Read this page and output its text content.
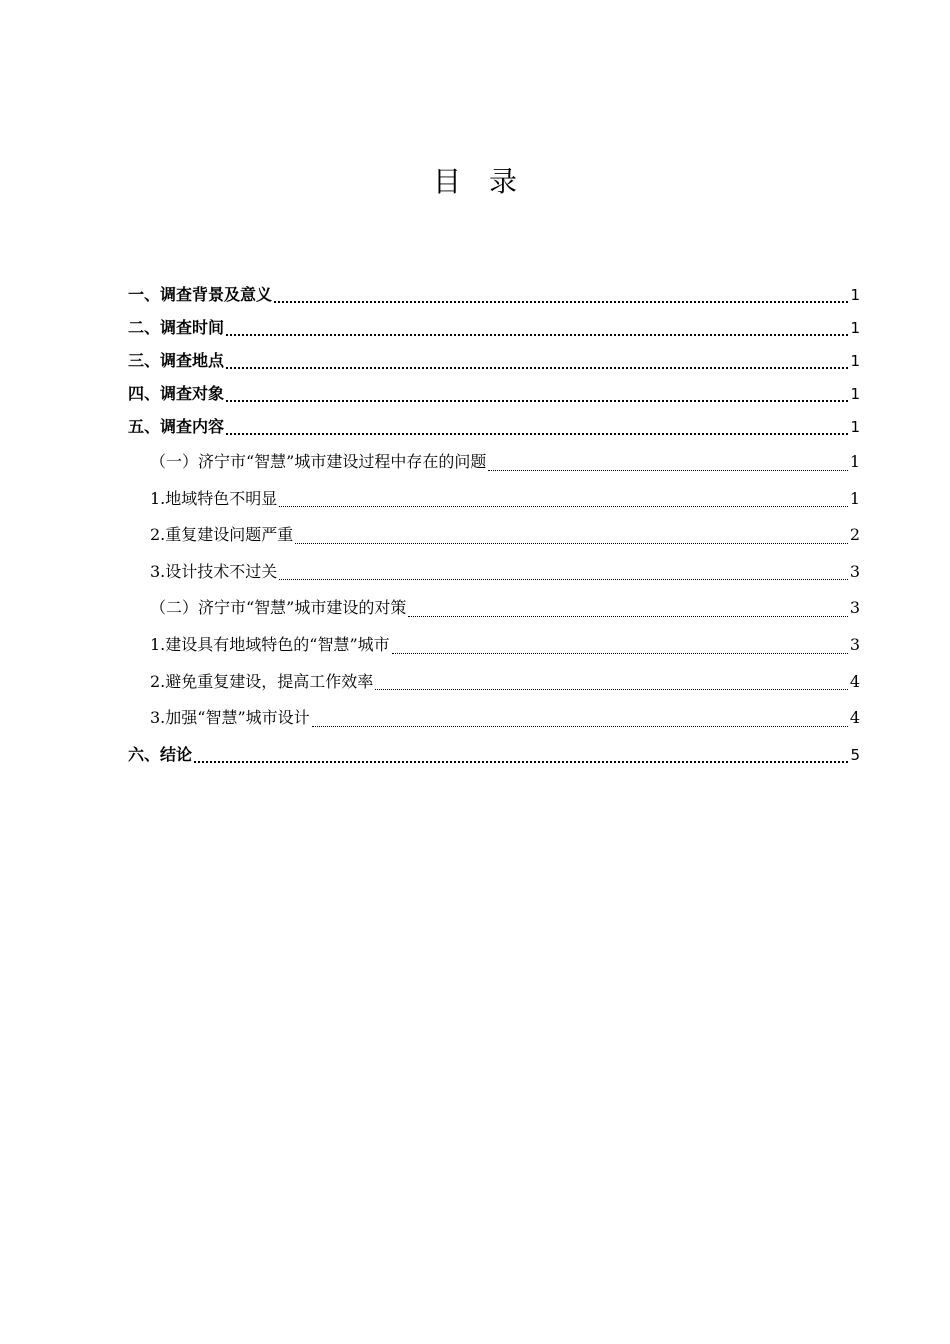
目 录
一、调查背景及意义	1
二、调查时间	1
三、调查地点	1
四、调查对象	1
五、调查内容	1
（一）济宁市“智慧”城市建设过程中存在的问题	1
1.地域特色不明显	1
2.重复建设问题严重	2
3.设计技术不过关	3
（二）济宁市“智慧”城市建设的对策	3
1.建设具有地域特色的“智慧”城市	3
2.避免重复建设，提高工作效率	4
3.加强“智慧”城市设计	4
六、结论	5
